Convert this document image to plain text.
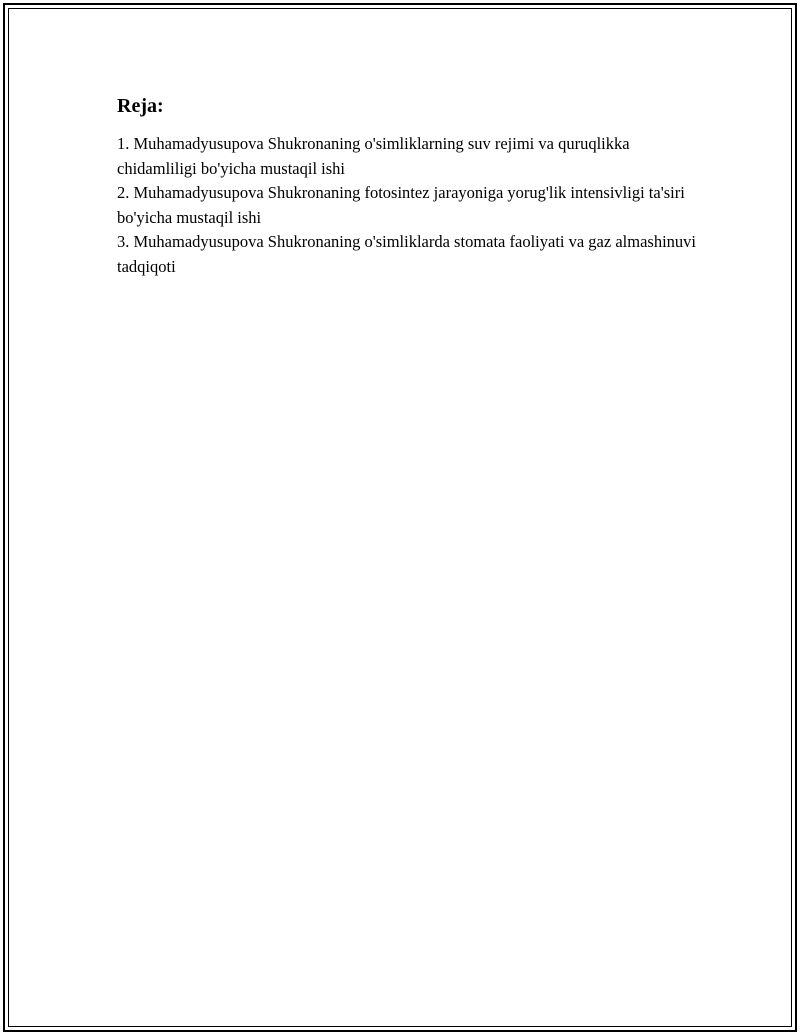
Reja:
1. Muhamadyusupova Shukronaning o'simliklarning suv rejimi va quruqlikka chidamliligi bo'yicha mustaqil ishi
2. Muhamadyusupova Shukronaning fotosintez jarayoniga yorug'lik intensivligi ta'siri bo'yicha mustaqil ishi
3. Muhamadyusupova Shukronaning o'simliklarda stomata faoliyati va gaz almashinuvi tadqiqoti
